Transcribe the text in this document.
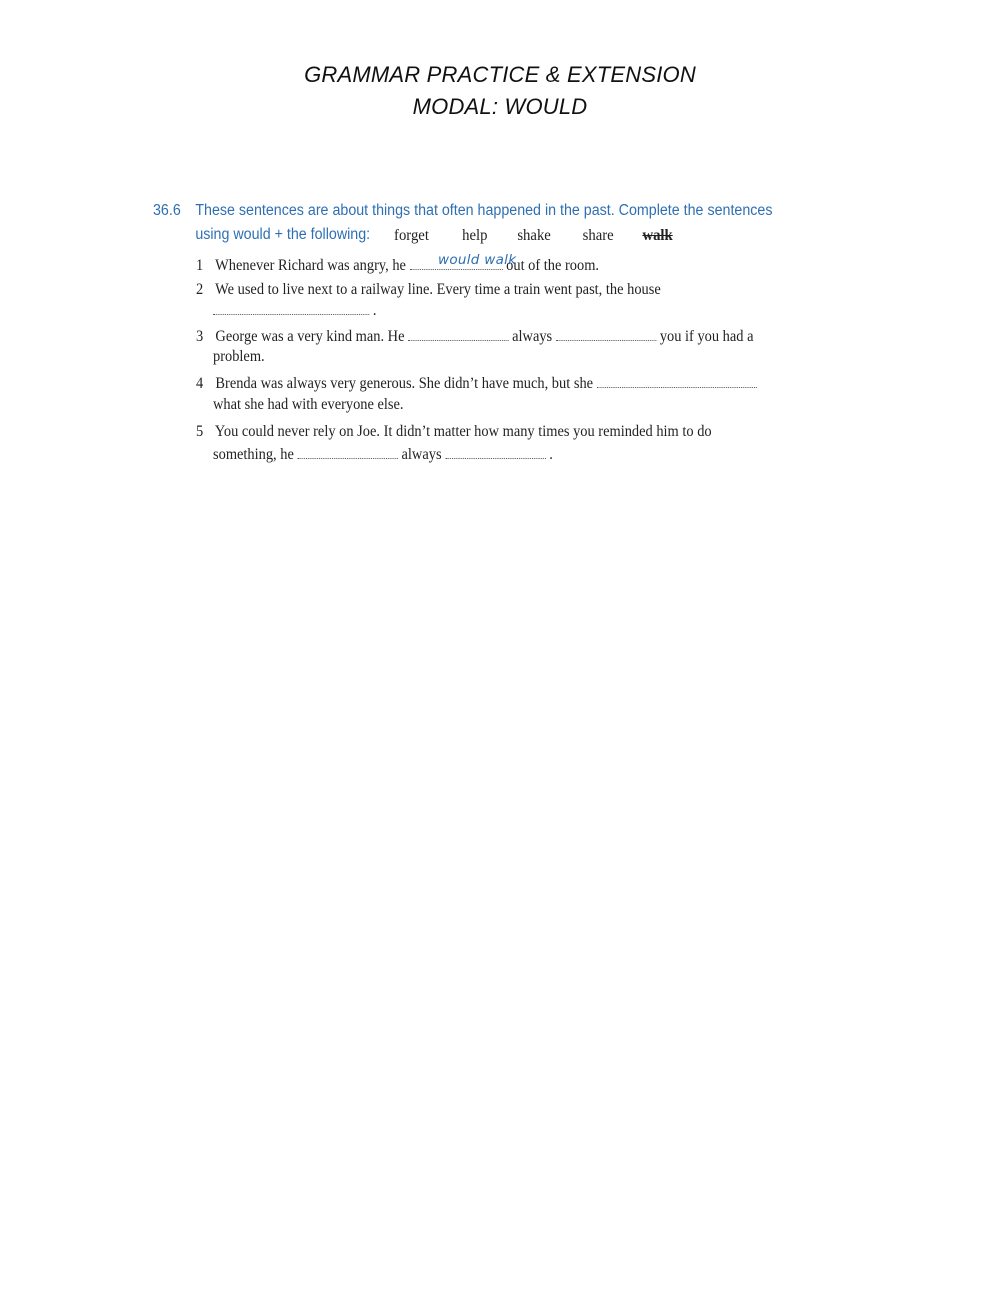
GRAMMAR PRACTICE & EXTENSION
MODAL: WOULD
36.6 These sentences are about things that often happened in the past. Complete the sentences
using would + the following: forget help shake share walk
1 Whenever Richard was angry, he	out of the room.
would walk
2 We used to live next to a railway line. Every time a train went past, the house
.
3 George was a very kind man. He	always	you if you had a
problem.
4 Brenda was always very generous. She didn’t have much, but she
what she had with everyone else.
5 You could never rely on Joe. It didn’t matter how many times you reminded him to do
something, he	always	.
